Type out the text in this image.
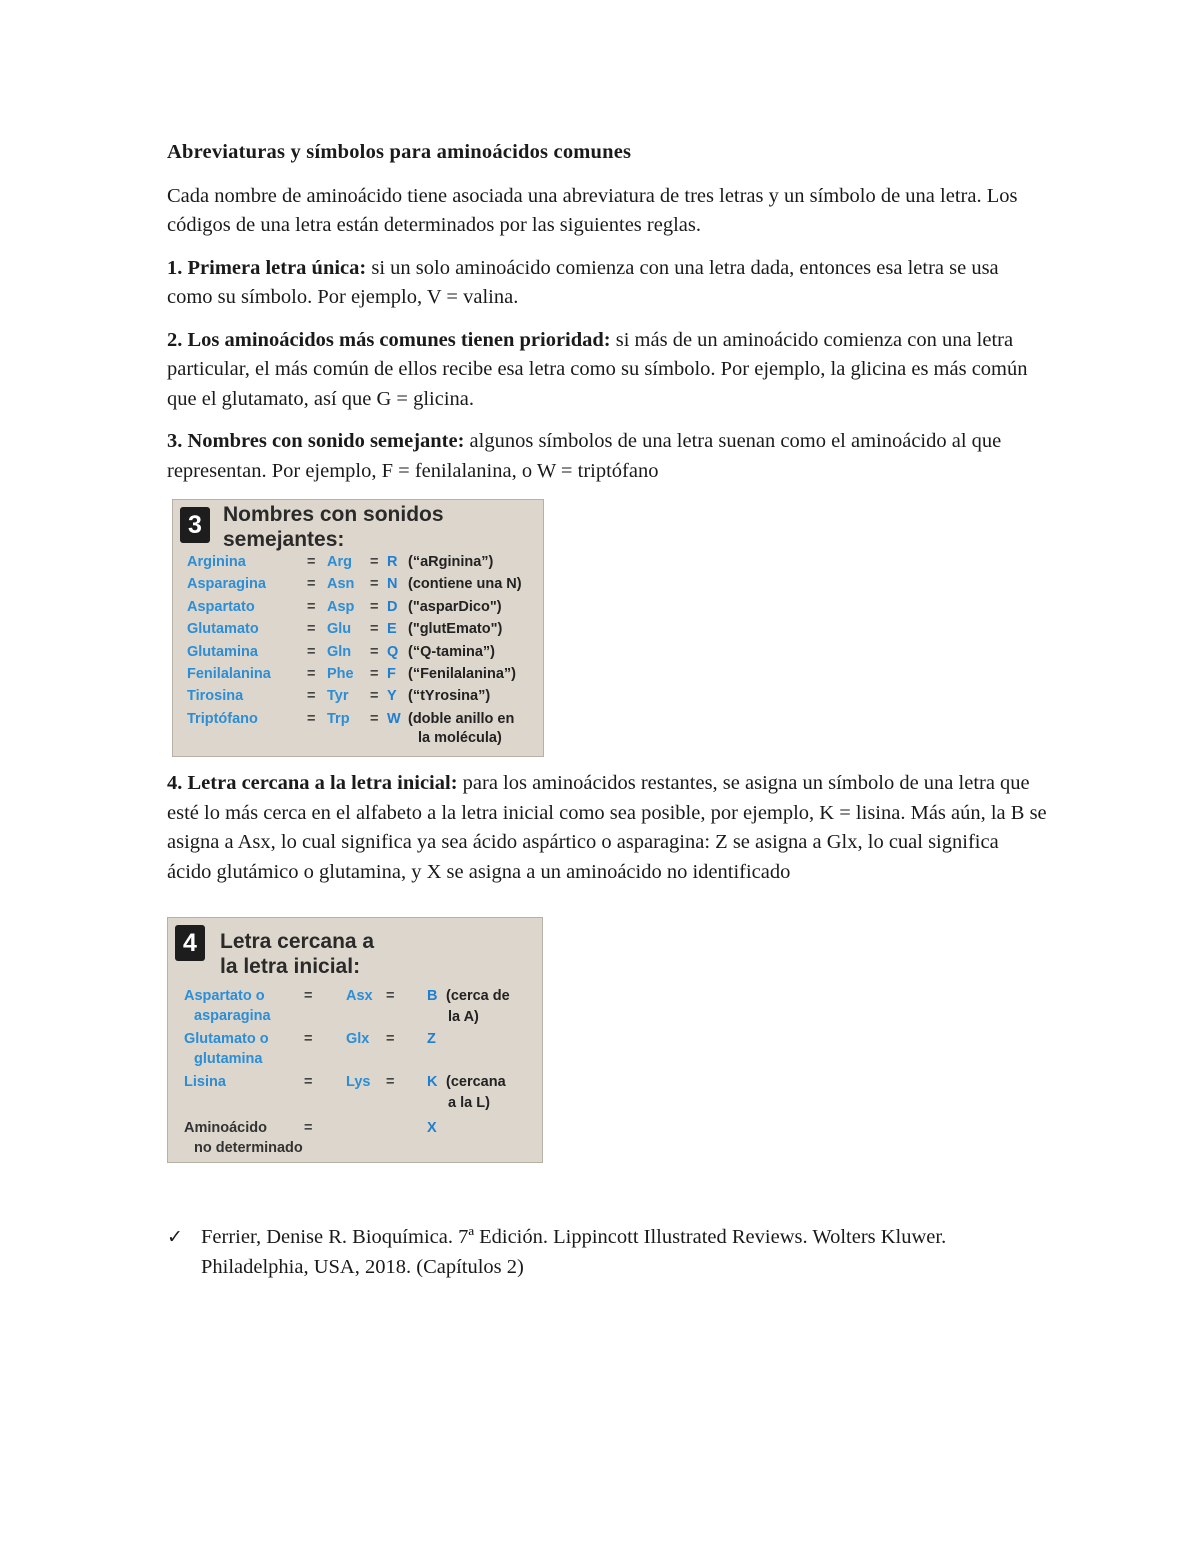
Abreviaturas y símbolos para aminoácidos comunes

Cada nombre de aminoácido tiene asociada una abreviatura de tres letras y un símbolo de una letra. Los códigos de una letra están determinados por las siguientes reglas.

1. Primera letra única: si un solo aminoácido comienza con una letra dada, entonces esa letra se usa como su símbolo. Por ejemplo, V = valina.

2. Los aminoácidos más comunes tienen prioridad: si más de un aminoácido comienza con una letra particular, el más común de ellos recibe esa letra como su símbolo. Por ejemplo, la glicina es más común que el glutamato, así que G = glicina.

3. Nombres con sonido semejante: algunos símbolos de una letra suenan como el aminoácido al que representan. Por ejemplo, F = fenilalanina, o W = triptófano

3	Nombres con sonidos
semejantes:
Arginina	= Arg = R (“aRginina”)
Asparagina	= Asn = N (contiene una N)
Aspartato	= Asp = D ("asparDico")
Glutamato	= Glu = E ("glutEmato")
Glutamina	= Gln = Q (“Q-tamina”)
Fenilalanina = Phe = F (“Fenilalanina”)
Tirosina	= Tyr = Y (“tYrosina”)
Triptófano	= Trp = W (doble anillo en
la molécula)

4. Letra cercana a la letra inicial: para los aminoácidos restantes, se asigna un símbolo de una letra que esté lo más cerca en el alfabeto a la letra inicial como sea posible, por ejemplo, K = lisina. Más aún, la B se asigna a Asx, lo cual significa ya sea ácido aspártico o asparagina: Z se asigna a Glx, lo cual significa ácido glutámico o glutamina, y X se asigna a un aminoácido no identificado

4	Letra cercana a
la letra inicial:
Aspartato o
asparagina
= Asx = B (cerca de
la A)
Glutamato o
glutamina
= Glx = Z
Lisina	= Lys = K (cercana
a la L)
Aminoácido
no determinado
=	X
✓ Ferrier, Denise R. Bioquímica. 7ª Edición. Lippincott Illustrated Reviews. Wolters Kluwer. Philadelphia, USA, 2018. (Capítulos 2)
